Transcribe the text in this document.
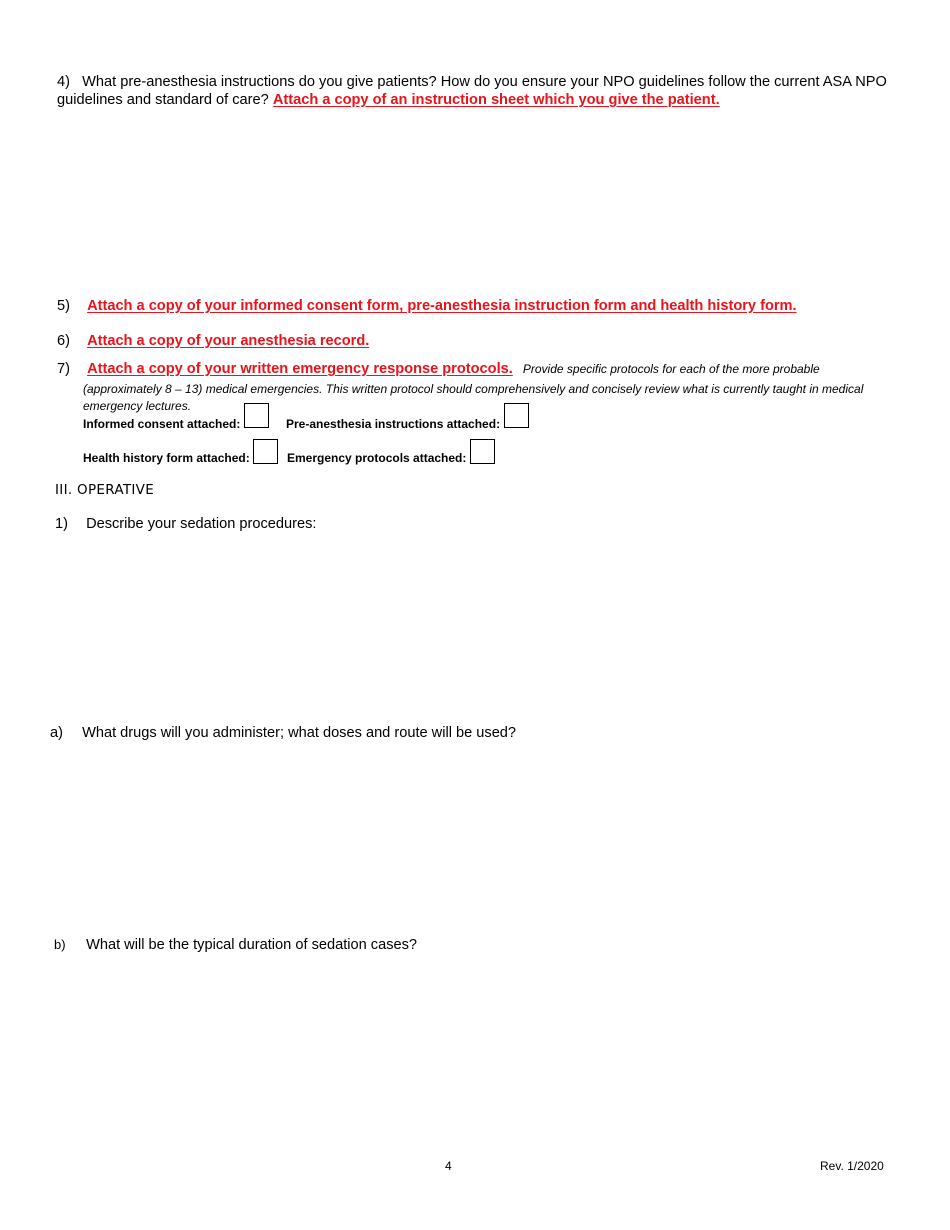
4) What pre-anesthesia instructions do you give patients? How do you ensure your NPO guidelines follow the current ASA NPO
guidelines and standard of care? Attach a copy of an instruction sheet which you give the patient.
5) Attach a copy of your informed consent form, pre-anesthesia instruction form and health history form.
6) Attach a copy of your anesthesia record.
7) Attach a copy of your written emergency response protocols. Provide specific protocols for each of the more probable
(approximately 8 – 13) medical emergencies. This written protocol should comprehensively and concisely review what is currently taught in medical
emergency lectures.
Informed consent attached:	Pre-anesthesia instructions attached:
Health history form attached:	Emergency protocols attached:
III. OPERATIVE
1) Describe your sedation procedures:
a) What drugs will you administer; what doses and route will be used?
b) What will be the typical duration of sedation cases?
4	Rev. 1/2020
